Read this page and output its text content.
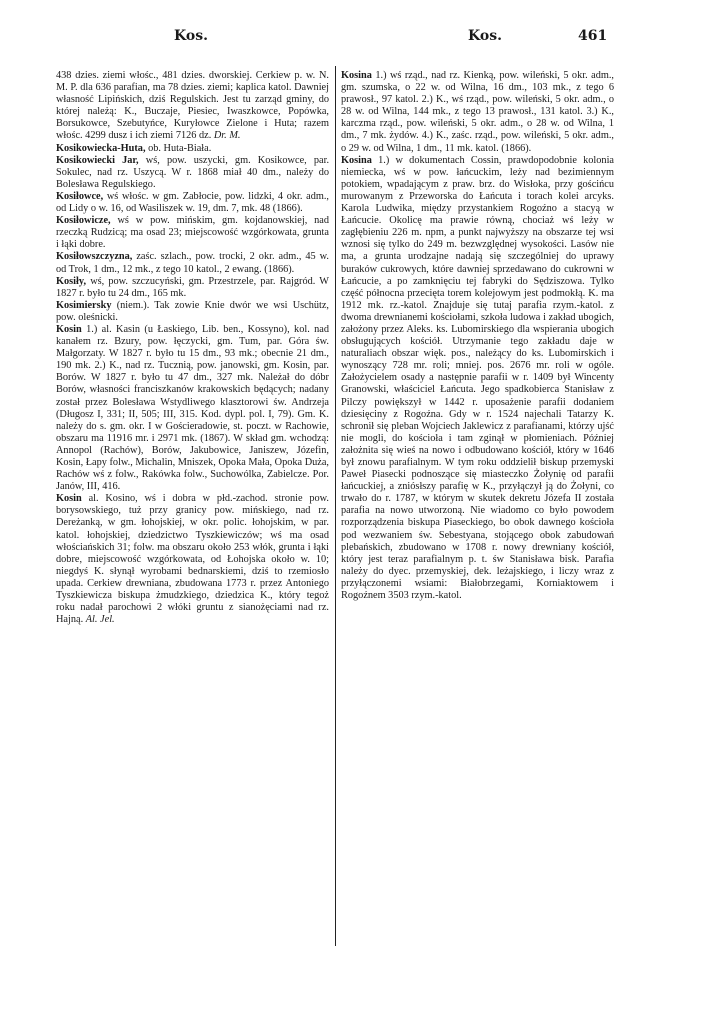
Kos.	Kos.	461

438 dzies. ziemi włośc., 481 dzies. dworskiej. Cerkiew p. w. N. M. P. dla 636 parafian, ma 78 dzies. ziemi; kaplica katol. Dawniej własność Lipińskich, dziś Regulskich. Jest tu zarząd gminy, do której należą: K., Buczaje, Piesiec, Iwaszkowce, Popówka, Borsukowce, Szebutyńce, Kuryłowce Zielone i Huta; razem włośc. 4299 dusz i ich ziemi 7126 dz. Dr. M.

Kosikowiecka-Huta, ob. Huta-Biała.

Kosikowiecki Jar, wś, pow. uszycki, gm. Kosikowce, par. Sokulec, nad rz. Uszycą. W r. 1868 miał 40 dm., należy do Bolesława Regulskiego.

Kosiłowce, wś włośc. w gm. Zabłocie, pow. lidzki, 4 okr. adm., od Lidy o w. 16, od Wasiliszek w. 19, dm. 7, mk. 48 (1866).

Kosiłowicze, wś w pow. mińskim, gm. kojdanowskiej, nad rzeczką Rudzicą; ma osad 23; miejscowość wzgórkowata, grunta i łąki dobre.

Kosiłowszczyzna, zaśc. szlach., pow. trocki, 2 okr. adm., 45 w. od Trok, 1 dm., 12 mk., z tego 10 katol., 2 ewang. (1866).

Kosiły, wś, pow. szczucyński, gm. Przestrzele, par. Rajgród. W 1827 r. było tu 24 dm., 165 mk.

Kosimiersky (niem.). Tak zowie Knie dwór we wsi Uschütz, pow. oleśnicki.

Kosin 1.) al. Kasin (u Łaskiego, Lib. ben., Kossyno), kol. nad kanałem rz. Bzury, pow. łęczycki, gm. Tum, par. Góra św. Małgorzaty. W 1827 r. było tu 15 dm., 93 mk.; obecnie 21 dm., 190 mk. 2.) K., nad rz. Tucznią, pow. janowski, gm. Kosin, par. Borów. W 1827 r. było tu 47 dm., 327 mk. Należał do dóbr Borów, własności franciszkanów krakowskich będących; nadany został przez Bolesława Wstydliwego klasztorowi św. Andrzeja (Długosz I, 331; II, 505; III, 315. Kod. dypl. pol. I, 79). Gm. K. należy do s. gm. okr. I w Gościeradowie, st. poczt. w Rachowie, obszaru ma 11916 mr. i 2971 mk. (1867). W skład gm. wchodzą: Annopol (Rachów), Borów, Jakubowice, Janiszew, Józefin, Kosin, Łapy folw., Michalin, Mniszek, Opoka Mała, Opoka Duża, Rachów wś z folw., Rakówka folw., Suchowólka, Zabielcze. Por. Janów, III, 416.

Kosin al. Kosino, wś i dobra w płd.-zachod. stronie pow. borysowskiego, tuż przy granicy pow. mińskiego, nad rz. Dereżanką, w gm. łohojskiej, w okr. polic. łohojskim, w par. katol. łohojskiej, dziedzictwo Tyszkiewiczów; wś ma osad włościańskich 31; folw. ma obszaru około 253 włók, grunta i łąki dobre, miejscowość wzgórkowata, od Łohojska około w. 10; niegdyś K. słynął wyrobami bednarskiemi, dziś to rzemiosło upada. Cerkiew drewniana, zbudowana 1773 r. przez Antoniego Tyszkiewicza biskupa żmudzkiego, dziedzica K., który tegoż roku nadał parochowi 2 włóki gruntu z sianożęciami nad rz. Hajną. Al. Jel.

Kosina 1.) wś rząd., nad rz. Kienką, pow. wileński, 5 okr. adm., gm. szumska, o 22 w. od Wilna, 16 dm., 103 mk., z tego 6 prawosł., 97 katol. 2.) K., wś rząd., pow. wileński, 5 okr. adm., o 28 w. od Wilna, 144 mk., z tego 13 prawosł., 131 katol. 3.) K., karczma rząd., pow. wileński, 5 okr. adm., o 28 w. od Wilna, 1 dm., 7 mk. żydów. 4.) K., zaśc. rząd., pow. wileński, 5 okr. adm., o 29 w. od Wilna, 1 dm., 11 mk. katol. (1866).

Kosina 1.) w dokumentach Cossin, prawdopodobnie kolonia niemiecka, wś w pow. łańcuckim, leży nad bezimiennym potokiem, wpadającym z praw. brz. do Wisłoka, przy gościńcu murowanym z Przeworska do Łańcuta i torach kolei arcyks. Karola Ludwika, między przystankiem Rogoźno a stacyą w Łańcucie. Okolicę ma prawie równą, chociaż wś leży w zagłębieniu 226 m. npm, a punkt najwyższy na obszarze tej wsi wznosi się tylko do 249 m. bezwzględnej wysokości. Lasów nie ma, a grunta urodzajne nadają się szczególniej do uprawy buraków cukrowych, które dawniej sprzedawano do cukrowni w Łańcucie, a po zamknięciu tej fabryki do Sędziszowa. Tylko część północna przecięta torem kolejowym jest podmokłą. K. ma 1912 mk. rz.-katol. Znajduje się tutaj parafia rzym.-katol. z dwoma drewnianemi kościołami, szkoła ludowa i zakład ubogich, założony przez Aleks. ks. Lubomirskiego dla wspierania ubogich obsługujących kościół. Utrzymanie tego zakładu daje w naturaliach obszar więk. pos., należący do ks. Lubomirskich i wynoszący 728 mr. roli; mniej. pos. 2676 mr. roli w ogóle. Założycielem osady a następnie parafii w r. 1409 był Wincenty Granowski, właściciel Łańcuta. Jego spadkobierca Stanisław z Pilczy powiększył w 1442 r. uposażenie parafii dodaniem dziesięciny z Rogoźna. Gdy w r. 1524 najechali Tatarzy K. schronił się pleban Wojciech Jaklewicz z parafianami, którzy ujść nie mogli, do kościoła i tam zginął w płomieniach. Później założnita się wieś na nowo i odbudowano kościół, który w 1646 był znowu parafialnym. W tym roku oddzielił biskup przemyski Paweł Piasecki podnoszące się miasteczko Żołynię od parafii łańcuckiej, a zniósłszy parafię w K., przyłączył ją do Żołyni, co trwało do r. 1787, w którym w skutek dekretu Józefa II została parafia na nowo utworzoną. Nie wiadomo co było powodem rozporządzenia biskupa Piaseckiego, bo obok dawnego kościoła pod wezwaniem św. Sebestyana, stojącego obok zabudowań plebańskich, zbudowano w 1708 r. nowy drewniany kościół, który jest teraz parafialnym p. t. św Stanisława bisk. Parafia należy do dyec. przemyskiej, dek. leżajskiego, i liczy wraz z przyłączonemi wsiami: Białobrzegami, Korniaktowem i Rogoźnem 3503 rzym.-katol.
